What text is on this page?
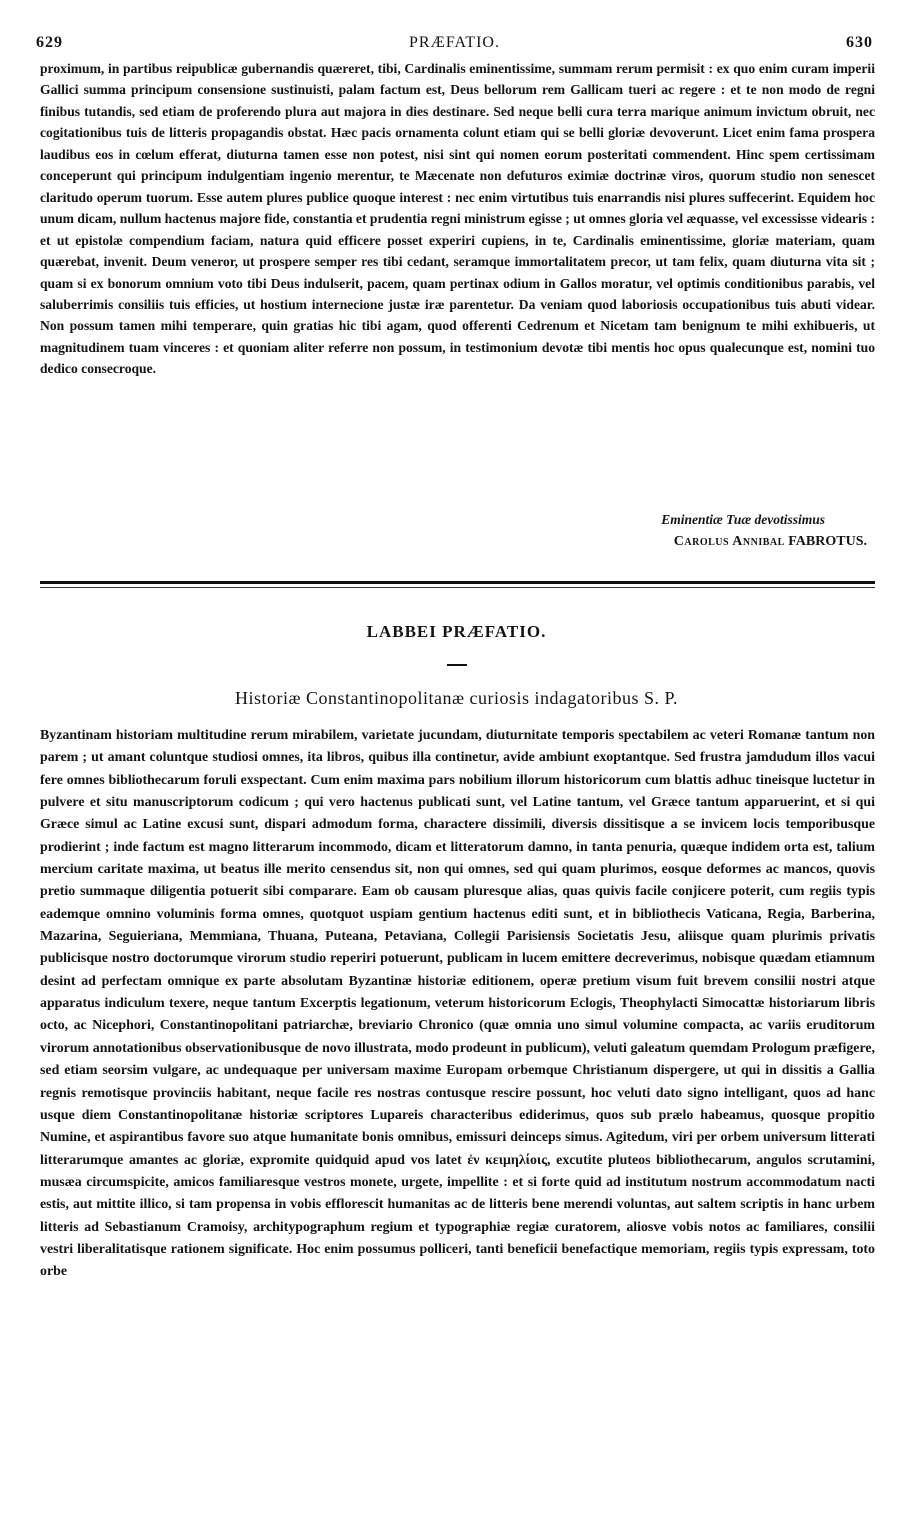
629	PRÆFATIO.	630

proximum, in partibus reipublicæ gubernandis quæreret, tibi, Cardinalis eminentissime, summam rerum permisit : ex quo enim curam imperii Gallici summa principum consensione sustinuisti, palam factum est, Deus bellorum rem Gallicam tueri ac regere : et te non modo de regni finibus tutandis, sed etiam de proferendo plura aut majora in dies destinare. Sed neque belli cura terra marique animum invictum obruit, nec cogitationibus tuis de litteris propagandis obstat. Hæc pacis ornamenta colunt etiam qui se belli gloriæ devoverunt. Licet enim fama prospera laudibus eos in cœlum efferat, diuturna tamen esse non potest, nisi sint qui nomen eorum posteritati commendent. Hinc spem certissimam conceperunt qui principum indulgentiam ingenio merentur, te Mæcenate non defuturos eximiæ doctrinæ viros, quorum studio non senescet claritudo operum tuorum. Esse autem plures publice quoque interest : nec enim virtutibus tuis enarrandis nisi plures suffecerint. Equidem hoc unum dicam, nullum hactenus majore fide, constantia et prudentia regni ministrum egisse ; ut omnes gloria vel æquasse, vel excessisse videaris : et ut epistolæ compendium faciam, natura quid efficere posset experiri cupiens, in te, Cardinalis eminentissime, gloriæ materiam, quam quærebat, invenit. Deum veneror, ut prospere semper res tibi cedant, seramque immortalitatem precor, ut tam felix, quam diuturna vita sit ; quam si ex bonorum omnium voto tibi Deus indulserit, pacem, quam pertinax odium in Gallos moratur, vel optimis conditionibus parabis, vel saluberrimis consiliis tuis efficies, ut hostium internecione justæ iræ parentetur. Da veniam quod laboriosis occupationibus tuis abuti videar. Non possum tamen mihi temperare, quin gratias hic tibi agam, quod offerenti Cedrenum et Nicetam tam benignum te mihi exhibueris, ut magnitudinem tuam vinceres : et quoniam aliter referre non possum, in testimonium devotæ tibi mentis hoc opus qualecunque est, nomini tuo dedico consecroque.

Eminentiæ Tuæ devotissimus
Carolus Annibal FABROTUS.
LABBEI PRÆFATIO.
Historiæ Constantinopolitanæ curiosis indagatoribus S. P.

Byzantinam historiam multitudine rerum mirabilem, varietate jucundam, diuturnitate temporis spectabilem ac veteri Romanæ tantum non parem ; ut amant coluntque studiosi omnes, ita libros, quibus illa continetur, avide ambiunt exoptantque. Sed frustra jamdudum illos vacui fere omnes bibliothecarum foruli exspectant. Cum enim maxima pars nobilium illorum historicorum cum blattis adhuc tineisque luctetur in pulvere et situ manuscriptorum codicum ; qui vero hactenus publicati sunt, vel Latine tantum, vel Græce tantum apparuerint, et si qui Græce simul ac Latine excusi sunt, dispari admodum forma, charactere dissimili, diversis dissitisque a se invicem locis temporibusque prodierint ; inde factum est magno litterarum incommodo, dicam et litteratorum damno, in tanta penuria, quæque indidem orta est, talium mercium caritate maxima, ut beatus ille merito censendus sit, non qui omnes, sed qui quam plurimos, eosque deformes ac mancos, quovis pretio summaque diligentia potuerit sibi comparare. Eam ob causam pluresque alias, quas quivis facile conjicere poterit, cum regiis typis eademque omnino voluminis forma omnes, quotquot uspiam gentium hactenus editi sunt, et in bibliothecis Vaticana, Regia, Barberina, Mazarina, Seguieriana, Memmiana, Thuana, Puteana, Petaviana, Collegii Parisiensis Societatis Jesu, aliisque quam plurimis privatis publicisque nostro doctorumque virorum studio reperiri potuerunt, publicam in lucem emittere decreverimus, nobisque quædam etiamnum desint ad perfectam omnique ex parte absolutam Byzantinæ historiæ editionem, operæ pretium visum fuit brevem consilii nostri atque apparatus indiculum texere, neque tantum Excerptis legationum, veterum historicorum Eclogis, Theophylacti Simocattæ historiarum libris octo, ac Nicephori, Constantinopolitani patriarchæ, breviario Chronico (quæ omnia uno simul volumine compacta, ac variis eruditorum virorum annotationibus observationibusque de novo illustrata, modo prodeunt in publicum), veluti galeatum quemdam Prologum præfigere, sed etiam seorsim vulgare, ac undequaque per universam maxime Europam orbemque Christianum dispergere, ut qui in dissitis a Gallia regnis remotisque provinciis habitant, neque facile res nostras contusque rescire possunt, hoc veluti dato signo intelligant, quos ad hanc usque diem Constantinopolitanæ historiæ scriptores Lupareis characteribus ediderimus, quos sub prælo habeamus, quosque propitio Numine, et aspirantibus favore suo atque humanitate bonis omnibus, emissuri deinceps simus. Agitedum, viri per orbem universum litterati litterarumque amantes ac gloriæ, expromite quidquid apud vos latet ἐν κειμηλίοις, excutite pluteos bibliothecarum, angulos scrutamini, musæa circumspicite, amicos familiaresque vestros monete, urgete, impellite : et si forte quid ad institutum nostrum accommodatum nacti estis, aut mittite illico, si tam propensa in vobis efflorescit humanitas ac de litteris bene merendi voluntas, aut saltem scriptis in hanc urbem litteris ad Sebastianum Cramoisy, architypographum regium et typographiæ regiæ curatorem, aliosve vobis notos ac familiares, consilii vestri liberalitatisque rationem significate. Hoc enim possumus polliceri, tanti beneficii benefactique memoriam, regiis typis expressam, toto orbe
